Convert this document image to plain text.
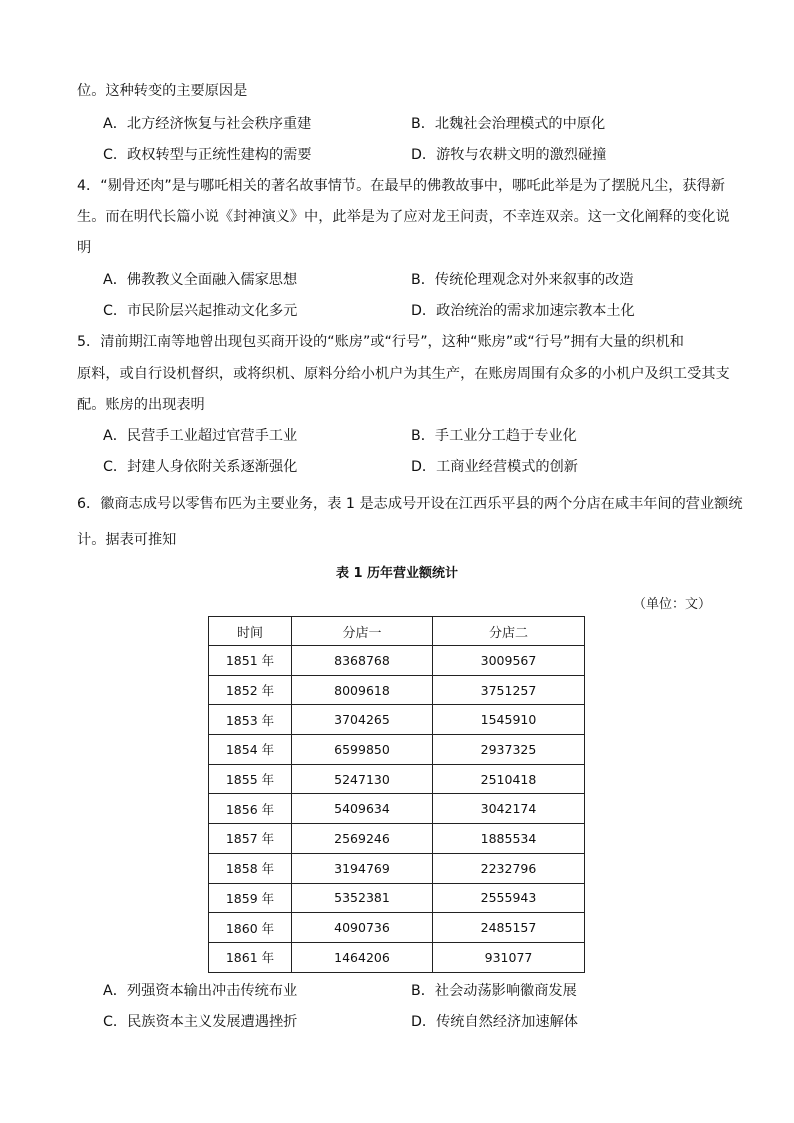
位。这种转变的主要原因是
A．北方经济恢复与社会秩序重建	B．北魏社会治理模式的中原化
C．政权转型与正统性建构的需要	D．游牧与农耕文明的激烈碰撞
4．“剔骨还肉”是与哪吒相关的著名故事情节。在最早的佛教故事中，哪吒此举是为了摆脱凡尘，获得新
生。而在明代长篇小说《封神演义》中，此举是为了应对龙王问责，不幸连双亲。这一文化阐释的变化说
明
A．佛教教义全面融入儒家思想	B．传统伦理观念对外来叙事的改造
C．市民阶层兴起推动文化多元	D．政治统治的需求加速宗教本土化
5．清前期江南等地曾出现包买商开设的“账房”或“行号”，这种“账房”或“行号”拥有大量的织机和
原料，或自行设机督织，或将织机、原料分给小机户为其生产，在账房周围有众多的小机户及织工受其支
配。账房的出现表明
A．民营手工业超过官营手工业	B．手工业分工趋于专业化
C．封建人身依附关系逐渐强化	D．工商业经营模式的创新
6．徽商志成号以零售布匹为主要业务，表 1 是志成号开设在江西乐平县的两个分店在咸丰年间的营业额统
计。据表可推知
表 1 历年营业额统计
（单位：文）
时间	分店一	分店二
1851 年	8368768	3009567
1852 年	8009618	3751257
1853 年	3704265	1545910
1854 年	6599850	2937325
1855 年	5247130	2510418
1856 年	5409634	3042174
1857 年	2569246	1885534
1858 年	3194769	2232796
1859 年	5352381	2555943
1860 年	4090736	2485157
1861 年	1464206	931077
A．列强资本输出冲击传统布业	B．社会动荡影响徽商发展
C．民族资本主义发展遭遇挫折	D．传统自然经济加速解体
